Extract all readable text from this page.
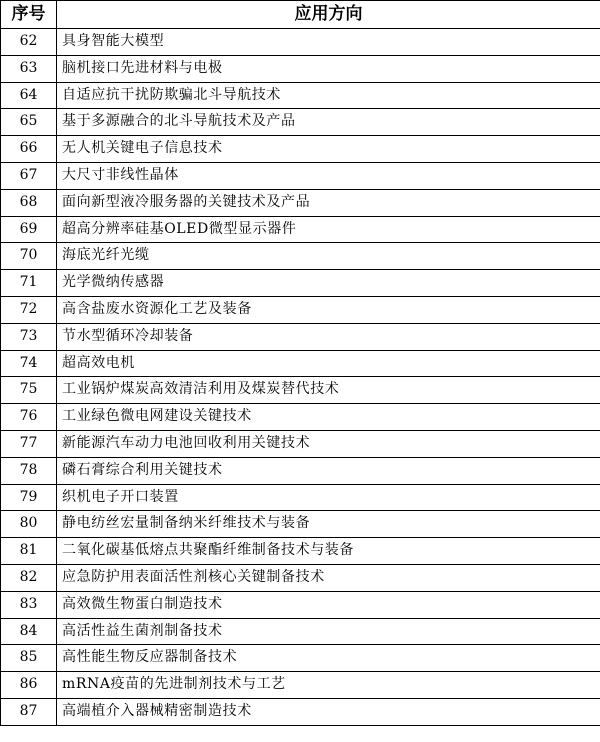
序号	应用方向
62	具身智能大模型
63	脑机接口先进材料与电极
64	自适应抗干扰防欺骗北斗导航技术
65	基于多源融合的北斗导航技术及产品
66	无人机关键电子信息技术
67	大尺寸非线性晶体
68	面向新型液冷服务器的关键技术及产品
69	超高分辨率硅基OLED微型显示器件
70	海底光纤光缆
71	光学微纳传感器
72	高含盐废水资源化工艺及装备
73	节水型循环冷却装备
74	超高效电机
75	工业锅炉煤炭高效清洁利用及煤炭替代技术
76	工业绿色微电网建设关键技术
77	新能源汽车动力电池回收利用关键技术
78	磷石膏综合利用关键技术
79	织机电子开口装置
80	静电纺丝宏量制备纳米纤维技术与装备
81	二氧化碳基低熔点共聚酯纤维制备技术与装备
82	应急防护用表面活性剂核心关键制备技术
83	高效微生物蛋白制造技术
84	高活性益生菌剂制备技术
85	高性能生物反应器制备技术
86	mRNA疫苗的先进制剂技术与工艺
87	高端植介入器械精密制造技术
